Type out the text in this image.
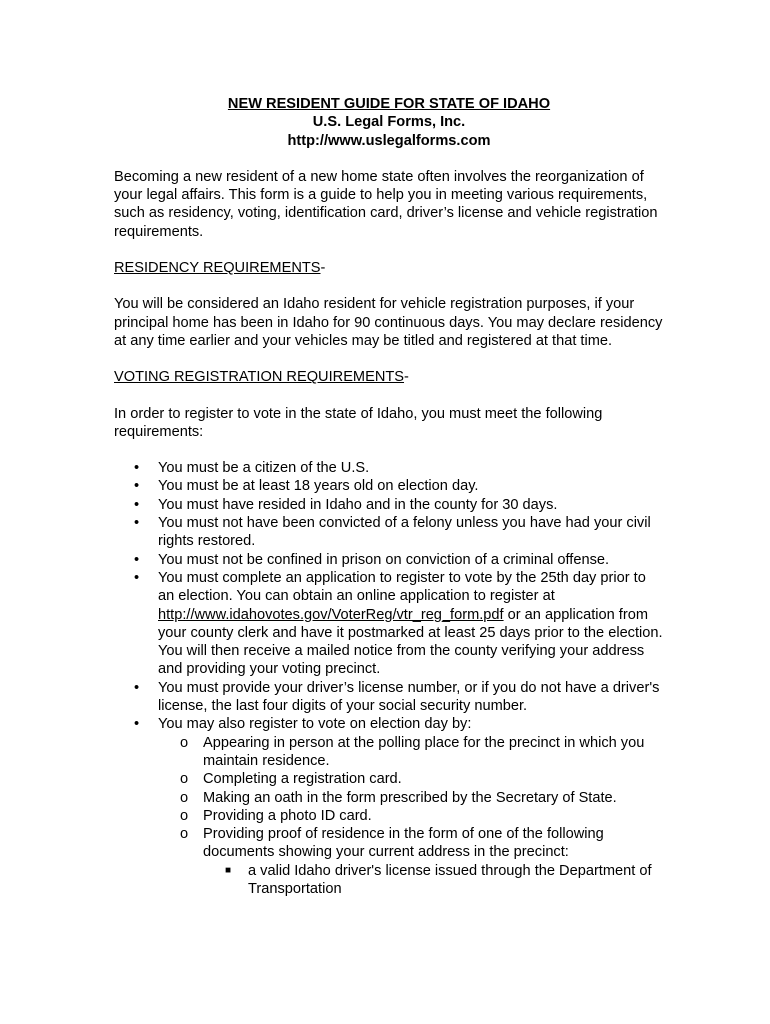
NEW RESIDENT GUIDE FOR STATE OF IDAHO
U.S. Legal Forms, Inc.
http://www.uslegalforms.com

Becoming a new resident of a new home state often involves the reorganization of your legal affairs. This form is a guide to help you in meeting various requirements, such as residency, voting, identification card, driver’s license and vehicle registration requirements.

RESIDENCY REQUIREMENTS-

You will be considered an Idaho resident for vehicle registration purposes, if your principal home has been in Idaho for 90 continuous days. You may declare residency at any time earlier and your vehicles may be titled and registered at that time.

VOTING REGISTRATION REQUIREMENTS-

In order to register to vote in the state of Idaho, you must meet the following requirements:

• You must be a citizen of the U.S.
• You must be at least 18 years old on election day.
• You must have resided in Idaho and in the county for 30 days.
• You must not have been convicted of a felony unless you have had your civil rights restored.
• You must not be confined in prison on conviction of a criminal offense.
• You must complete an application to register to vote by the 25th day prior to an election. You can obtain an online application to register at http://www.idahovotes.gov/VoterReg/vtr_reg_form.pdf or an application from your county clerk and have it postmarked at least 25 days prior to the election. You will then receive a mailed notice from the county verifying your address and providing your voting precinct.
• You must provide your driver’s license number, or if you do not have a driver's license, the last four digits of your social security number.
• You may also register to vote on election day by:
o Appearing in person at the polling place for the precinct in which you maintain residence.
o Completing a registration card.
o Making an oath in the form prescribed by the Secretary of State.
o Providing a photo ID card.
o Providing proof of residence in the form of one of the following documents showing your current address in the precinct:
■ a valid Idaho driver's license issued through the Department of Transportation
